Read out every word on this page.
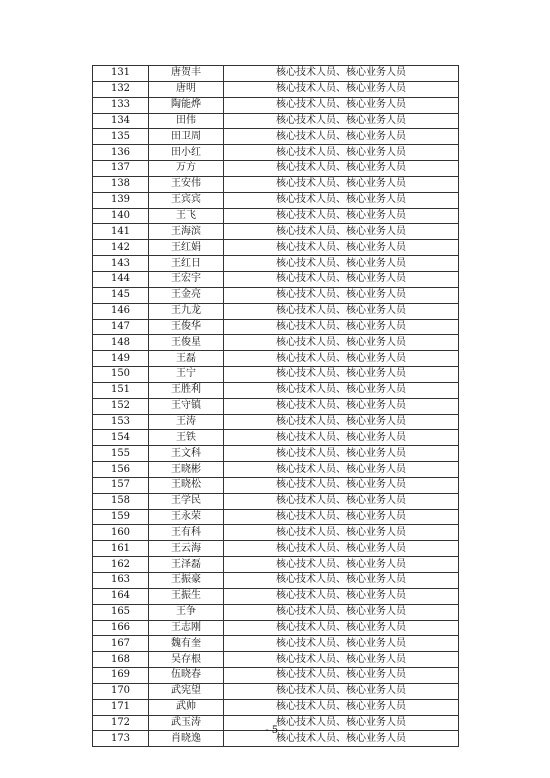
131	唐贺丰	核心技术人员、核心业务人员
132	唐明	核心技术人员、核心业务人员
133	陶能烨	核心技术人员、核心业务人员
134	田伟	核心技术人员、核心业务人员
135	田卫周	核心技术人员、核心业务人员
136	田小红	核心技术人员、核心业务人员
137	万方	核心技术人员、核心业务人员
138	王安伟	核心技术人员、核心业务人员
139	王宾宾	核心技术人员、核心业务人员
140	王飞	核心技术人员、核心业务人员
141	王海滨	核心技术人员、核心业务人员
142	王红娟	核心技术人员、核心业务人员
143	王红日	核心技术人员、核心业务人员
144	王宏宇	核心技术人员、核心业务人员
145	王金亮	核心技术人员、核心业务人员
146	王九龙	核心技术人员、核心业务人员
147	王俊华	核心技术人员、核心业务人员
148	王俊星	核心技术人员、核心业务人员
149	王磊	核心技术人员、核心业务人员
150	王宁	核心技术人员、核心业务人员
151	王胜利	核心技术人员、核心业务人员
152	王守镇	核心技术人员、核心业务人员
153	王涛	核心技术人员、核心业务人员
154	王铁	核心技术人员、核心业务人员
155	王文科	核心技术人员、核心业务人员
156	王晓彬	核心技术人员、核心业务人员
157	王晓松	核心技术人员、核心业务人员
158	王学民	核心技术人员、核心业务人员
159	王永荣	核心技术人员、核心业务人员
160	王有科	核心技术人员、核心业务人员
161	王云海	核心技术人员、核心业务人员
162	王泽磊	核心技术人员、核心业务人员
163	王振豪	核心技术人员、核心业务人员
164	王振生	核心技术人员、核心业务人员
165	王争	核心技术人员、核心业务人员
166	王志刚	核心技术人员、核心业务人员
167	魏有奎	核心技术人员、核心业务人员
168	吴存根	核心技术人员、核心业务人员
169	伍晓春	核心技术人员、核心业务人员
170	武宪望	核心技术人员、核心业务人员
171	武帅	核心技术人员、核心业务人员
172	武玉涛	核心技术人员、核心业务人员
173	肖晓逸	核心技术人员、核心业务人员
- 5 -
